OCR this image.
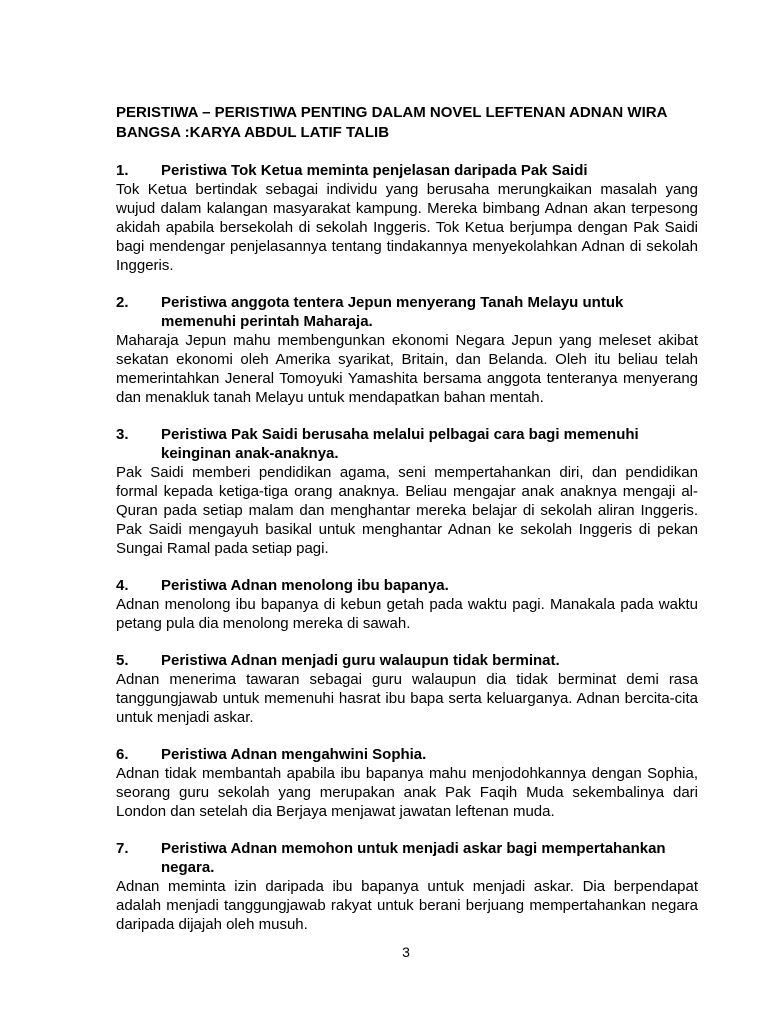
PERISTIWA – PERISTIWA PENTING DALAM NOVEL LEFTENAN ADNAN WIRA BANGSA :KARYA ABDUL LATIF TALIB

1.	Peristiwa Tok Ketua meminta penjelasan daripada Pak Saidi

Tok Ketua bertindak sebagai individu yang berusaha merungkaikan masalah yang wujud dalam kalangan masyarakat kampung. Mereka bimbang Adnan akan terpesong akidah apabila bersekolah di sekolah Inggeris. Tok Ketua berjumpa dengan Pak Saidi bagi mendengar penjelasannya tentang tindakannya menyekolahkan Adnan di sekolah Inggeris.

2.	Peristiwa anggota tentera Jepun menyerang Tanah Melayu untuk memenuhi perintah Maharaja.

Maharaja Jepun mahu membengunkan ekonomi Negara Jepun yang meleset akibat sekatan ekonomi oleh Amerika syarikat, Britain, dan Belanda. Oleh itu beliau telah memerintahkan Jeneral Tomoyuki Yamashita bersama anggota tenteranya menyerang dan menakluk tanah Melayu untuk mendapatkan bahan mentah.

3.	Peristiwa Pak Saidi berusaha melalui pelbagai cara bagi memenuhi keinginan anak-anaknya.

Pak Saidi memberi pendidikan agama, seni mempertahankan diri, dan pendidikan formal kepada ketiga-tiga orang anaknya. Beliau mengajar anak anaknya mengaji al-Quran pada setiap malam dan menghantar mereka belajar di sekolah aliran Inggeris. Pak Saidi mengayuh basikal untuk menghantar Adnan ke sekolah Inggeris di pekan Sungai Ramal pada setiap pagi.

4.	Peristiwa Adnan menolong ibu bapanya.

Adnan menolong ibu bapanya di kebun getah pada waktu pagi. Manakala pada waktu petang pula dia menolong mereka di sawah.

5.	Peristiwa Adnan menjadi guru walaupun tidak berminat.

Adnan menerima tawaran sebagai guru walaupun dia tidak berminat demi rasa tanggungjawab untuk memenuhi hasrat ibu bapa serta keluarganya. Adnan bercita-cita untuk menjadi askar.

6.	Peristiwa Adnan mengahwini Sophia.

Adnan tidak membantah apabila ibu bapanya mahu menjodohkannya dengan Sophia, seorang guru sekolah yang merupakan anak Pak Faqih Muda sekembalinya dari London dan setelah dia Berjaya menjawat jawatan leftenan muda.

7.	Peristiwa Adnan memohon untuk menjadi askar bagi mempertahankan negara.

Adnan meminta izin daripada ibu bapanya untuk menjadi askar. Dia berpendapat adalah menjadi tanggungjawab rakyat untuk berani berjuang mempertahankan negara daripada dijajah oleh musuh.

3
